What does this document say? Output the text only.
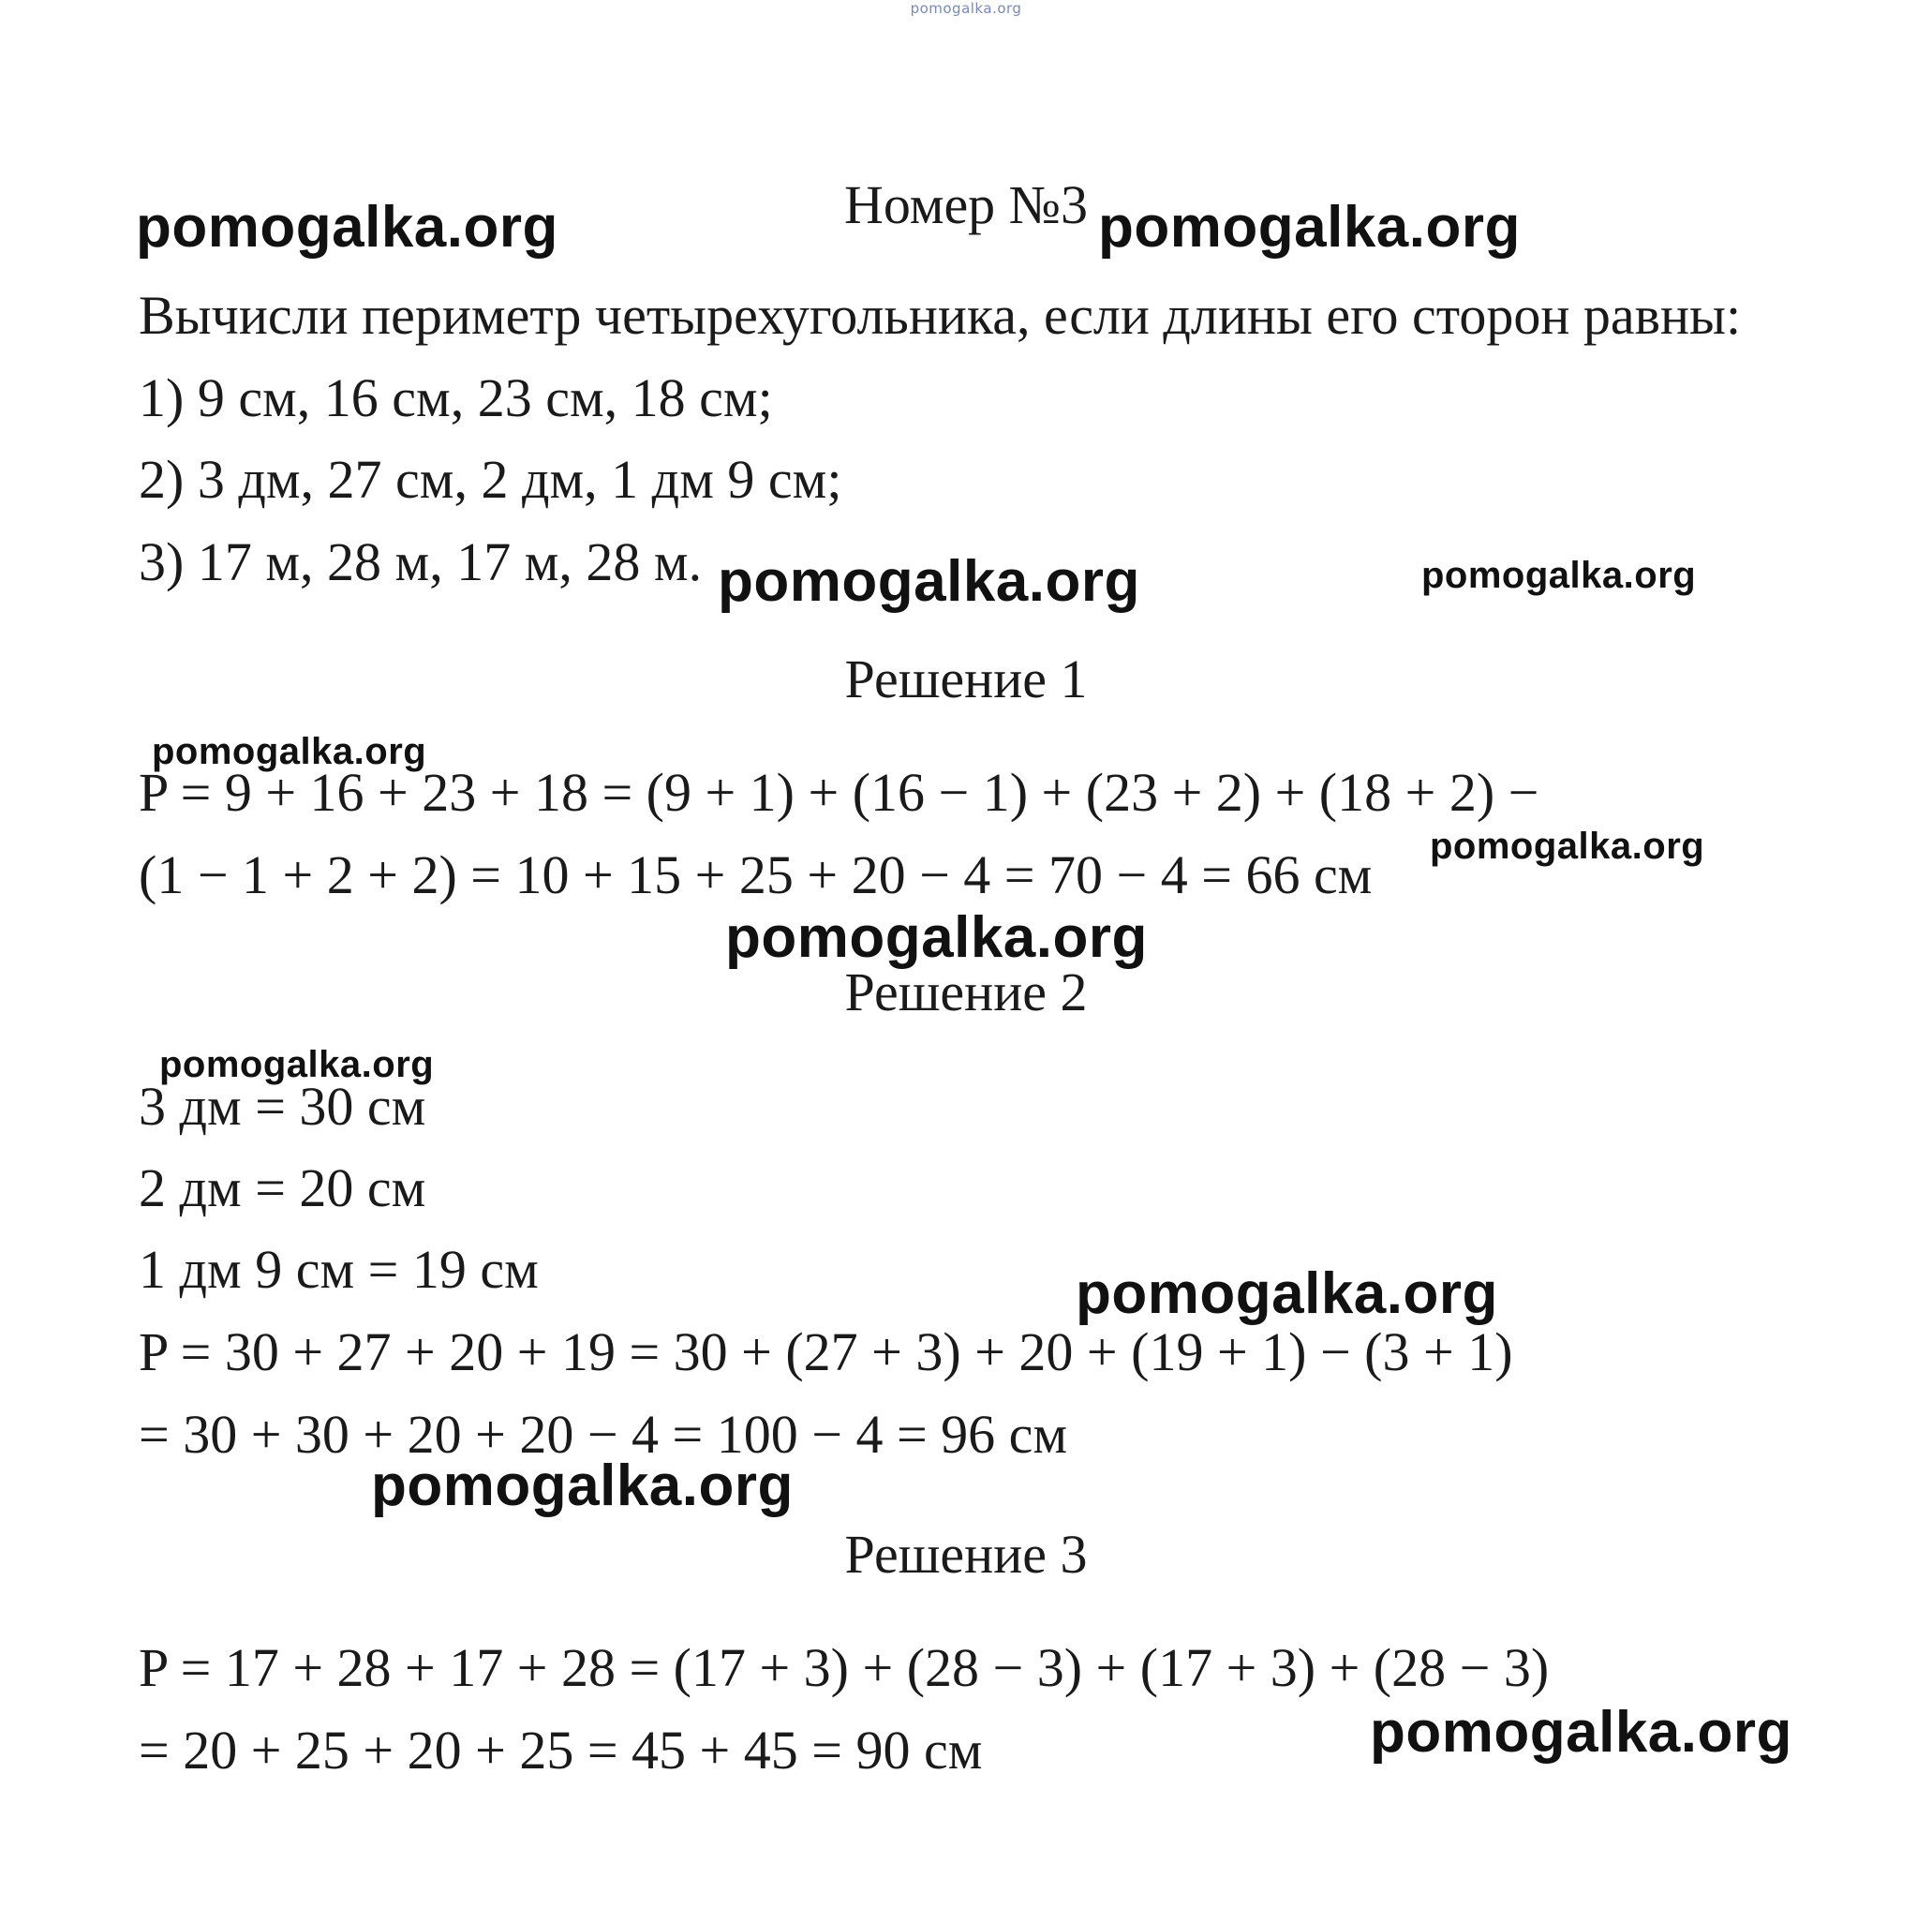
pomogalka.org
Номер №3
Вычисли периметр четырехугольника, если длины его сторон равны:
1) 9 см, 16 см, 23 см, 18 см;
2) 3 дм, 27 см, 2 дм, 1 дм 9 см;
3) 17 м, 28 м, 17 м, 28 м.
Решение 1
P = 9 + 16 + 23 + 18 = (9 + 1) + (16 − 1) + (23 + 2) + (18 + 2) −
(1 − 1 + 2 + 2) = 10 + 15 + 25 + 20 − 4 = 70 − 4 = 66 см
Решение 2
3 дм = 30 см
2 дм = 20 см
1 дм 9 см = 19 см
P = 30 + 27 + 20 + 19 = 30 + (27 + 3) + 20 + (19 + 1) − (3 + 1)
= 30 + 30 + 20 + 20 − 4 = 100 − 4 = 96 см
Решение 3
P = 17 + 28 + 17 + 28 = (17 + 3) + (28 − 3) + (17 + 3) + (28 − 3)
= 20 + 25 + 20 + 25 = 45 + 45 = 90 см
pomogalka.org	pomogalka.org
pomogalka.org	pomogalka.org
pomogalka.org
pomogalka.org
pomogalka.org
pomogalka.org
pomogalka.org
pomogalka.org
pomogalka.org
